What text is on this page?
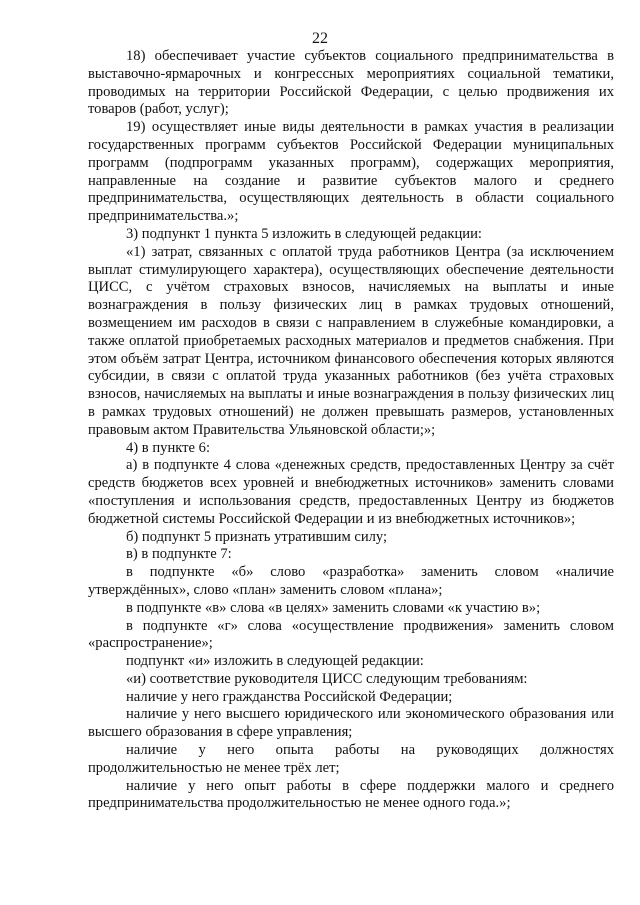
22

18) обеспечивает участие субъектов социального предпринимательства в выставочно-ярмарочных и конгрессных мероприятиях социальной тематики, проводимых на территории Российской Федерации, с целью продвижения их товаров (работ, услуг);

19) осуществляет иные виды деятельности в рамках участия в реализации государственных программ субъектов Российской Федерации муниципальных программ (подпрограмм указанных программ), содержащих мероприятия, направленные на создание и развитие субъектов малого и среднего предпринимательства, осуществляющих деятельность в области социального предпринимательства.»;

3) подпункт 1 пункта 5 изложить в следующей редакции:

«1) затрат, связанных с оплатой труда работников Центра (за исключением выплат стимулирующего характера), осуществляющих обеспечение деятельности ЦИСС, с учётом страховых взносов, начисляемых на выплаты и иные вознаграждения в пользу физических лиц в рамках трудовых отношений, возмещением им расходов в связи с направлением в служебные командировки, а также оплатой приобретаемых расходных материалов и предметов снабжения. При этом объём затрат Центра, источником финансового обеспечения которых являются субсидии, в связи с оплатой труда указанных работников (без учёта страховых взносов, начисляемых на выплаты и иные вознаграждения в пользу физических лиц в рамках трудовых отношений) не должен превышать размеров, установленных правовым актом Правительства Ульяновской области;»;

4) в пункте 6:

а) в подпункте 4 слова «денежных средств, предоставленных Центру за счёт средств бюджетов всех уровней и внебюджетных источников» заменить словами «поступления и использования средств, предоставленных Центру из бюджетов бюджетной системы Российской Федерации и из внебюджетных источников»;

б) подпункт 5 признать утратившим силу;

в) в подпункте 7:

в подпункте «б» слово «разработка» заменить словом «наличие утверждённых», слово «план» заменить словом «плана»;

в подпункте «в» слова «в целях» заменить словами «к участию в»;

в подпункте «г» слова «осуществление продвижения» заменить словом «распространение»;

подпункт «и» изложить в следующей редакции:

«и) соответствие руководителя ЦИСС следующим требованиям:

наличие у него гражданства Российской Федерации;

наличие у него высшего юридического или экономического образования или высшего образования в сфере управления;

наличие у него опыта работы на руководящих должностях продолжительностью не менее трёх лет;

наличие у него опыт работы в сфере поддержки малого и среднего предпринимательства продолжительностью не менее одного года.»;
